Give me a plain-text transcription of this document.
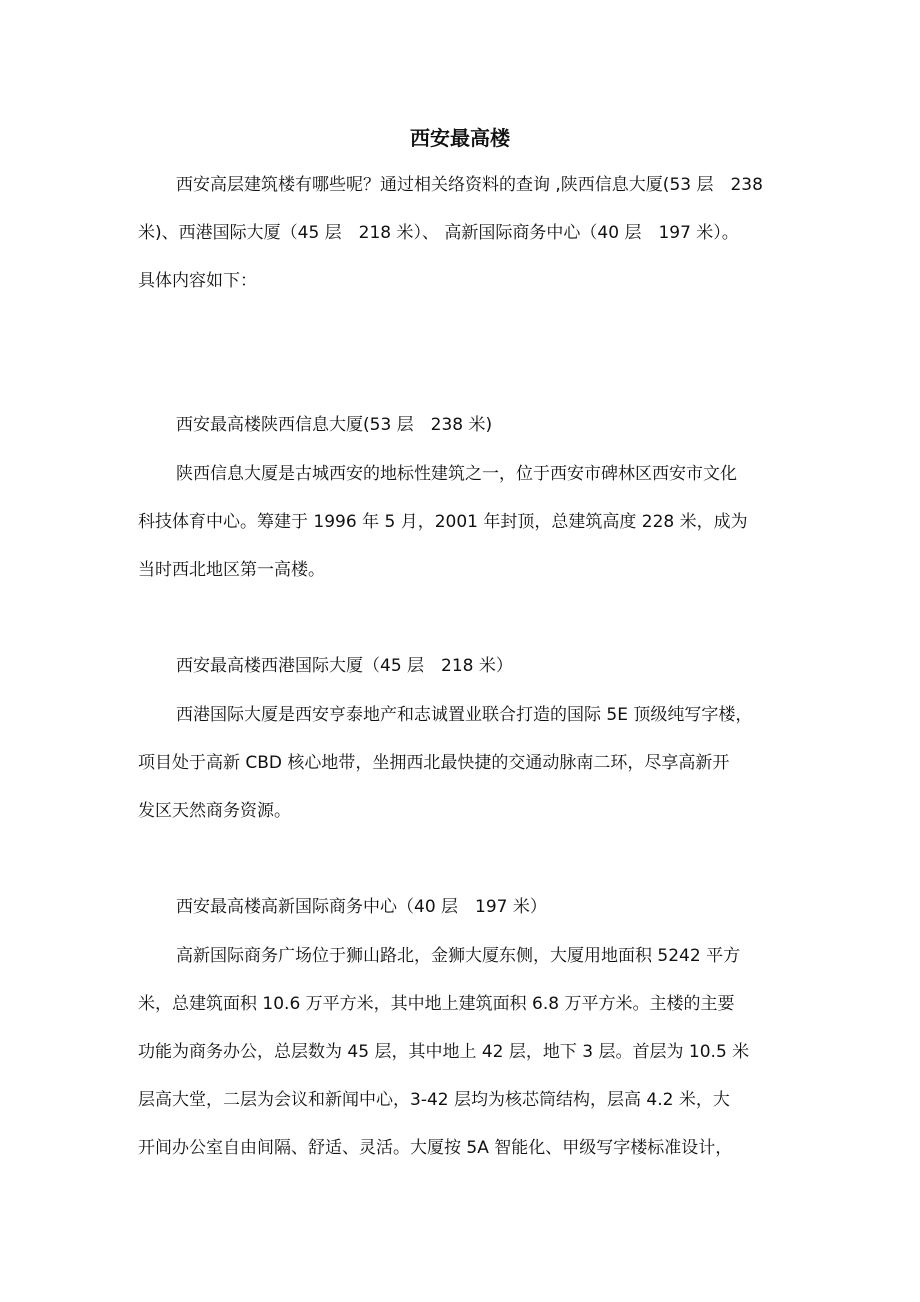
西安最高楼
西安高层建筑楼有哪些呢？通过相关络资料的查询 ,陕西信息大厦(53 层　238
米)、西港国际大厦（45 层　218 米）、 高新国际商务中心（40 层　197 米）。
具体内容如下：
西安最高楼陕西信息大厦(53 层　238 米)
陕西信息大厦是古城西安的地标性建筑之一，位于西安市碑林区西安市文化
科技体育中心。筹建于 1996 年 5 月，2001 年封顶，总建筑高度 228 米，成为
当时西北地区第一高楼。
西安最高楼西港国际大厦（45 层　218 米）
西港国际大厦是西安亨泰地产和志诚置业联合打造的国际 5E 顶级纯写字楼，
项目处于高新 CBD 核心地带，坐拥西北最快捷的交通动脉南二环，尽享高新开
发区天然商务资源。
西安最高楼高新国际商务中心（40 层　197 米）
高新国际商务广场位于狮山路北，金狮大厦东侧，大厦用地面积 5242 平方
米，总建筑面积 10.6 万平方米，其中地上建筑面积 6.8 万平方米。主楼的主要
功能为商务办公，总层数为 45 层，其中地上 42 层，地下 3 层。首层为 10.5 米
层高大堂，二层为会议和新闻中心，3-42 层均为核芯筒结构，层高 4.2 米，大
开间办公室自由间隔、舒适、灵活。大厦按 5A 智能化、甲级写字楼标准设计，
